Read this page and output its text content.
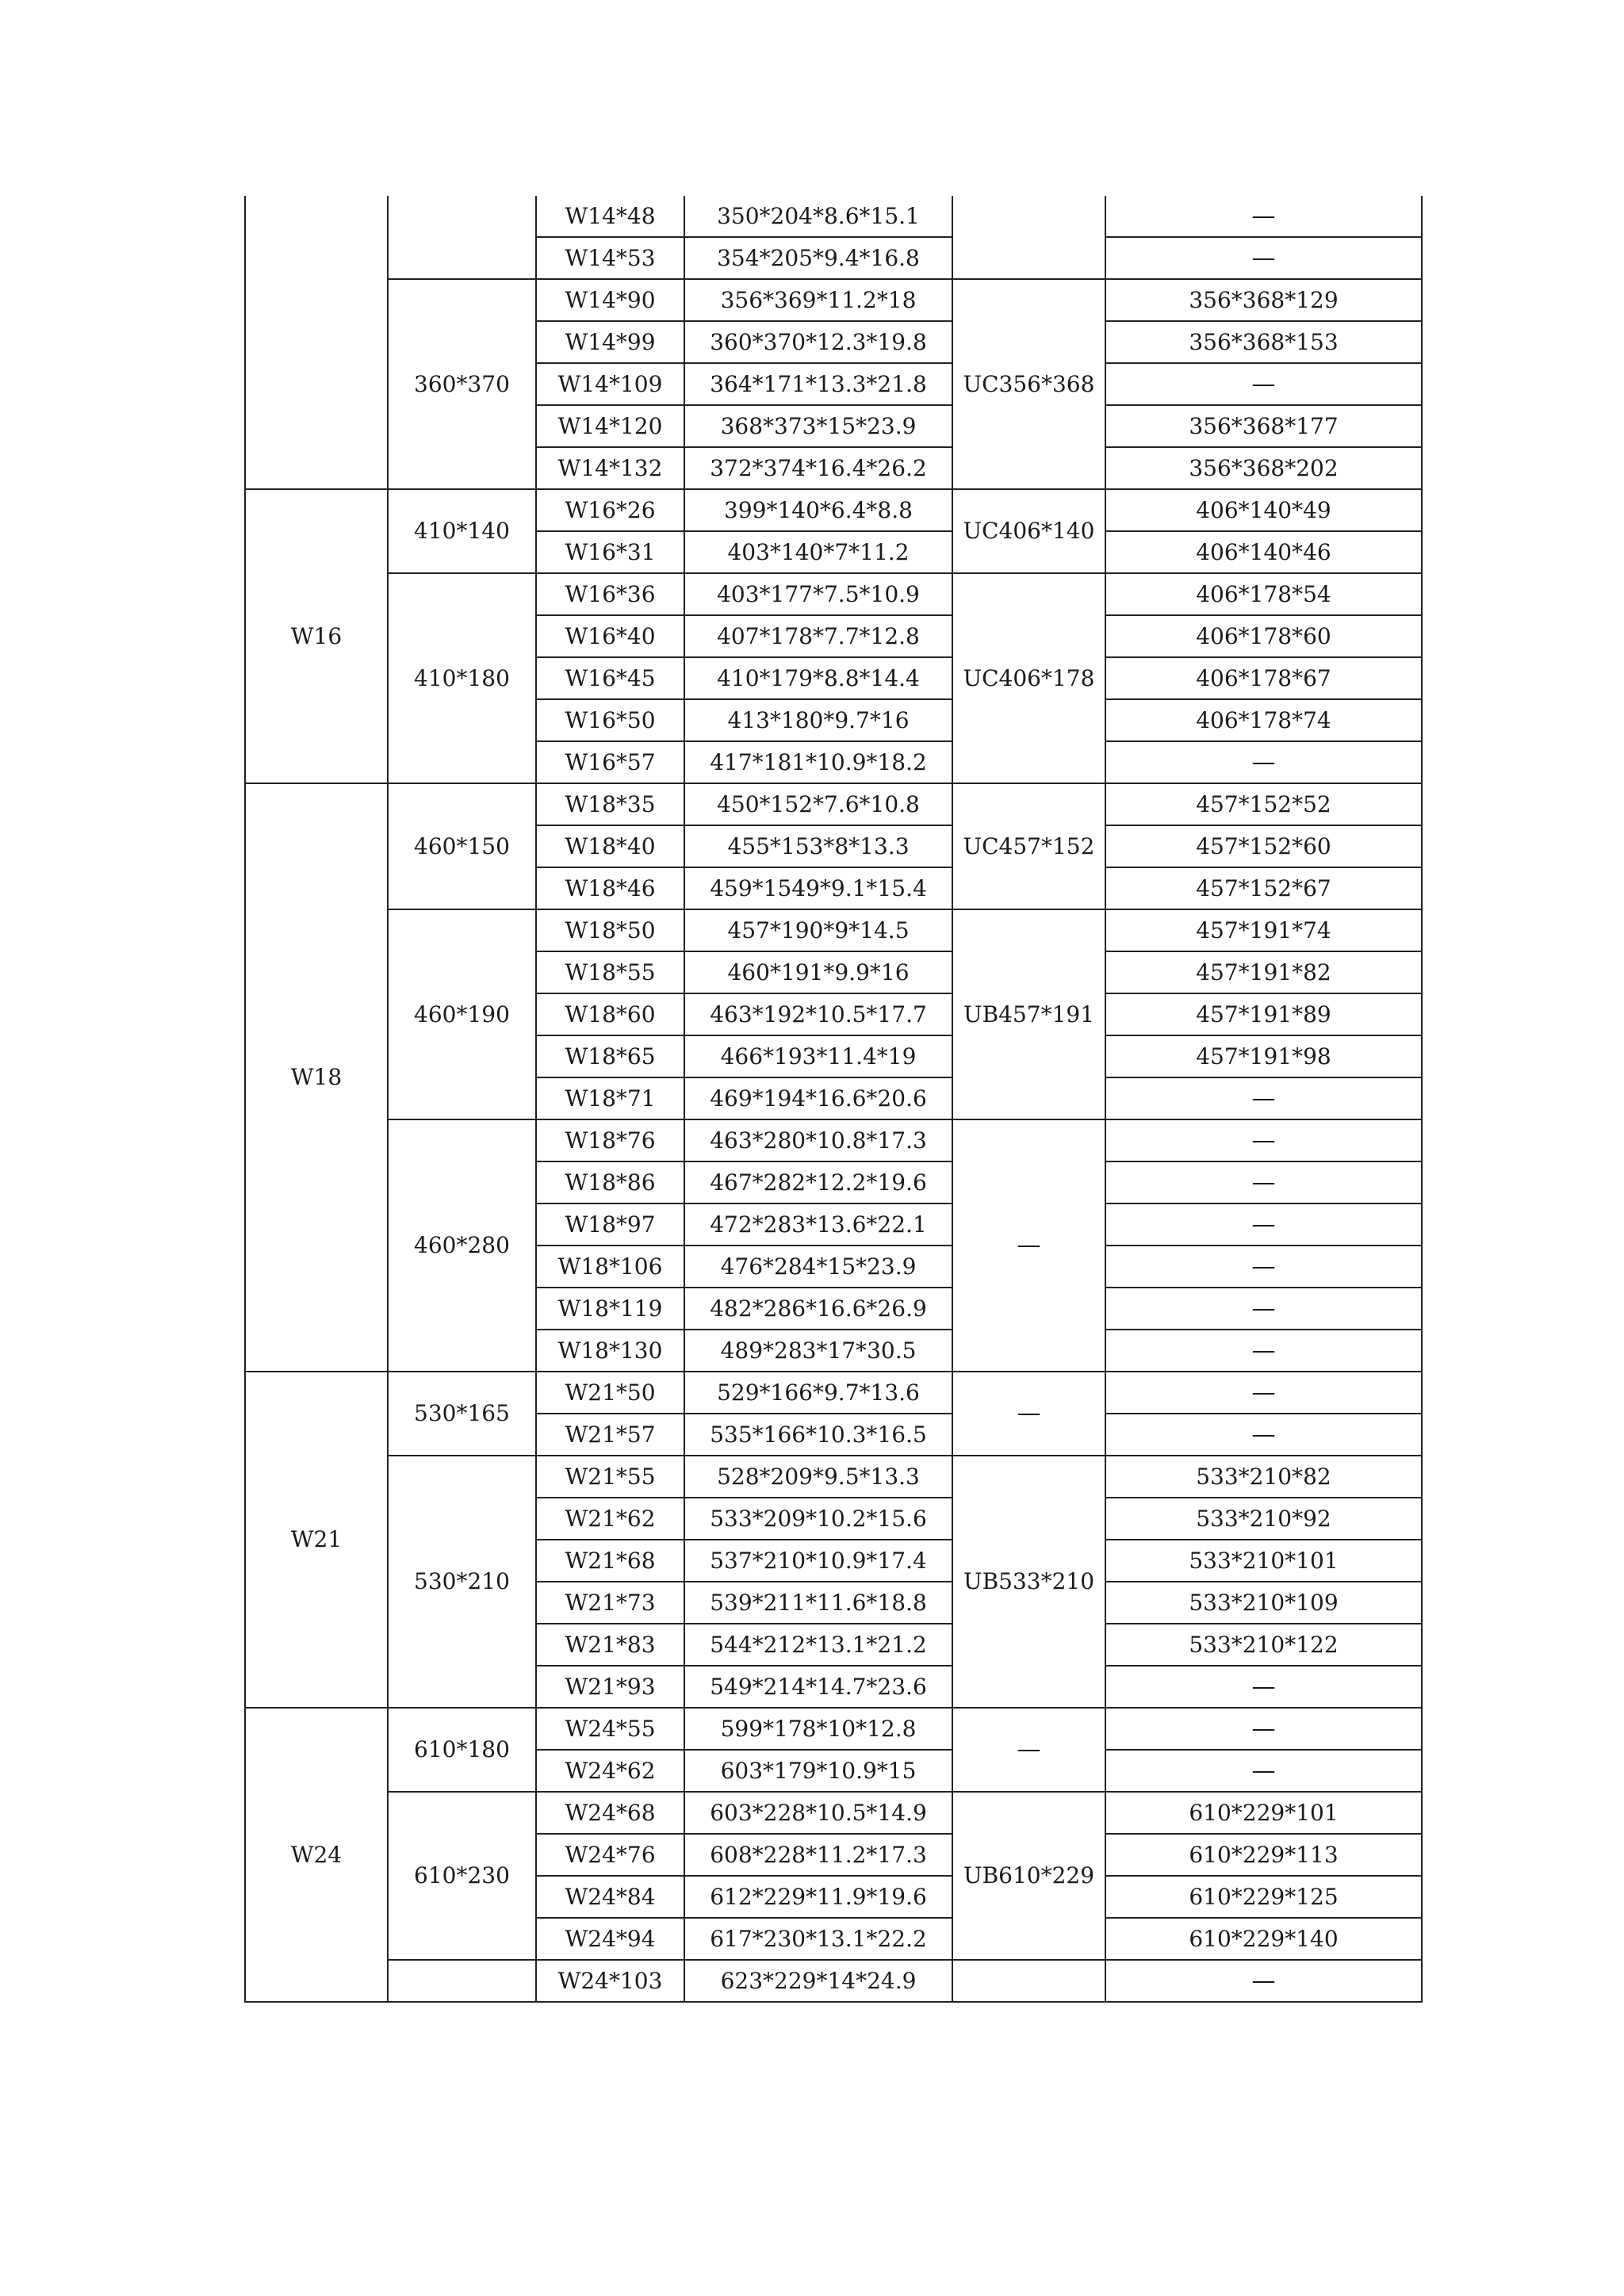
		W14*48	350*204*8.6*15.1		—
		W14*53	354*205*9.4*16.8		—
	360*370	W14*90	356*369*11.2*18	UC356*368	356*368*129
		W14*99	360*370*12.3*19.8		356*368*153
		W14*109	364*171*13.3*21.8		—
		W14*120	368*373*15*23.9		356*368*177
		W14*132	372*374*16.4*26.2		356*368*202
W16	410*140	W16*26	399*140*6.4*8.8	UC406*140	406*140*49
		W16*31	403*140*7*11.2		406*140*46
	410*180	W16*36	403*177*7.5*10.9	UC406*178	406*178*54
		W16*40	407*178*7.7*12.8		406*178*60
		W16*45	410*179*8.8*14.4		406*178*67
		W16*50	413*180*9.7*16		406*178*74
		W16*57	417*181*10.9*18.2		—
W18	460*150	W18*35	450*152*7.6*10.8	UC457*152	457*152*52
		W18*40	455*153*8*13.3		457*152*60
		W18*46	459*1549*9.1*15.4		457*152*67
	460*190	W18*50	457*190*9*14.5	UB457*191	457*191*74
		W18*55	460*191*9.9*16		457*191*82
		W18*60	463*192*10.5*17.7		457*191*89
		W18*65	466*193*11.4*19		457*191*98
		W18*71	469*194*16.6*20.6		—
	460*280	W18*76	463*280*10.8*17.3	—	—
		W18*86	467*282*12.2*19.6		—
		W18*97	472*283*13.6*22.1		—
		W18*106	476*284*15*23.9		—
		W18*119	482*286*16.6*26.9		—
		W18*130	489*283*17*30.5		—
W21	530*165	W21*50	529*166*9.7*13.6	—	—
		W21*57	535*166*10.3*16.5		—
	530*210	W21*55	528*209*9.5*13.3	UB533*210	533*210*82
		W21*62	533*209*10.2*15.6		533*210*92
		W21*68	537*210*10.9*17.4		533*210*101
		W21*73	539*211*11.6*18.8		533*210*109
		W21*83	544*212*13.1*21.2		533*210*122
		W21*93	549*214*14.7*23.6		—
W24	610*180	W24*55	599*178*10*12.8	—	—
		W24*62	603*179*10.9*15		—
	610*230	W24*68	603*228*10.5*14.9	UB610*229	610*229*101
		W24*76	608*228*11.2*17.3		610*229*113
		W24*84	612*229*11.9*19.6		610*229*125
		W24*94	617*230*13.1*22.2		610*229*140
		W24*103	623*229*14*24.9		—
